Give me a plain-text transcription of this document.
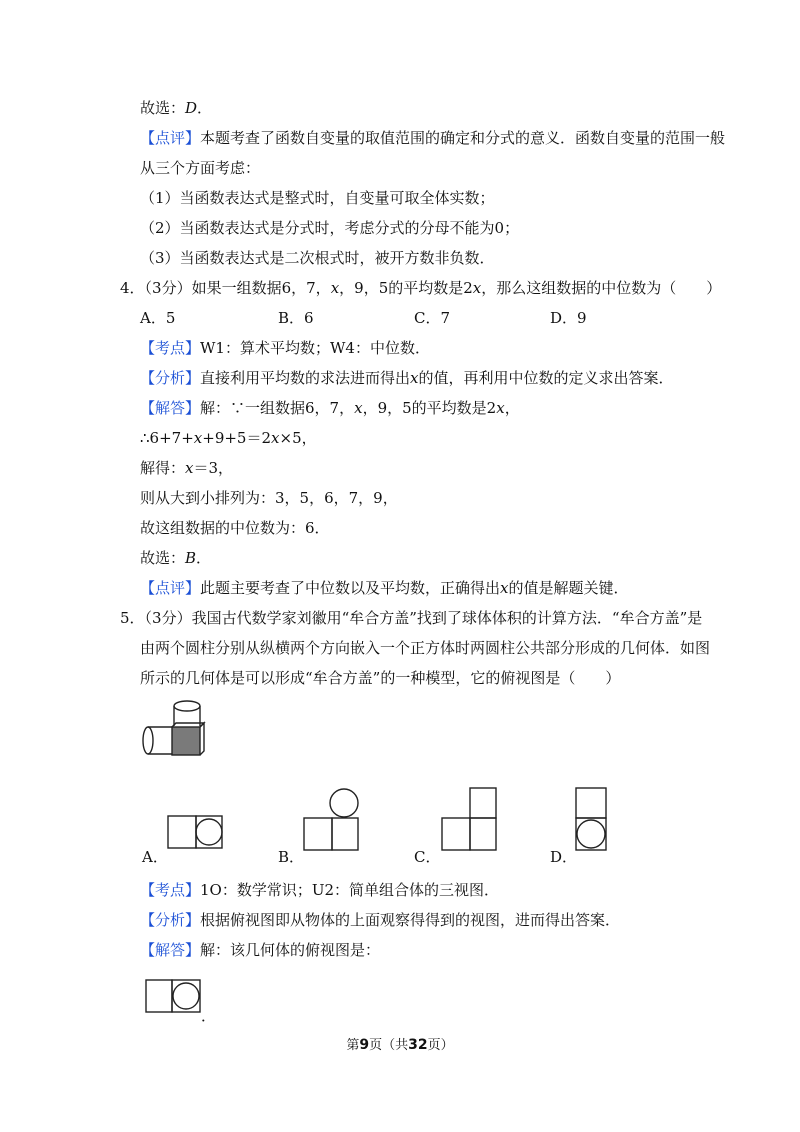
故选：D．
【点评】本题考查了函数自变量的取值范围的确定和分式的意义．函数自变量的范围一般
从三个方面考虑：
（1）当函数表达式是整式时，自变量可取全体实数；
（2）当函数表达式是分式时，考虑分式的分母不能为0；
（3）当函数表达式是二次根式时，被开方数非负数．
4．（3分）如果一组数据6，7，x，9，5的平均数是2x，那么这组数据的中位数为（　　）
A．5	B．6	C．7	D．9
【考点】W1：算术平均数；W4：中位数．
【分析】直接利用平均数的求法进而得出x的值，再利用中位数的定义求出答案．
【解答】解：∵一组数据6，7，x，9，5的平均数是2x，
∴6+7+x+9+5＝2x×5，
解得：x＝3，
则从大到小排列为：3，5，6，7，9，
故这组数据的中位数为：6．
故选：B．
【点评】此题主要考查了中位数以及平均数，正确得出x的值是解题关键．
5．（3分）我国古代数学家刘徽用“牟合方盖”找到了球体体积的计算方法．“牟合方盖”是
由两个圆柱分别从纵横两个方向嵌入一个正方体时两圆柱公共部分形成的几何体．如图
所示的几何体是可以形成“牟合方盖”的一种模型，它的俯视图是（　　）
A．	B．	C．	D．
【考点】1O：数学常识；U2：简单组合体的三视图．
【分析】根据俯视图即从物体的上面观察得得到的视图，进而得出答案．
【解答】解：该几何体的俯视图是：
．
第9页（共32页）
